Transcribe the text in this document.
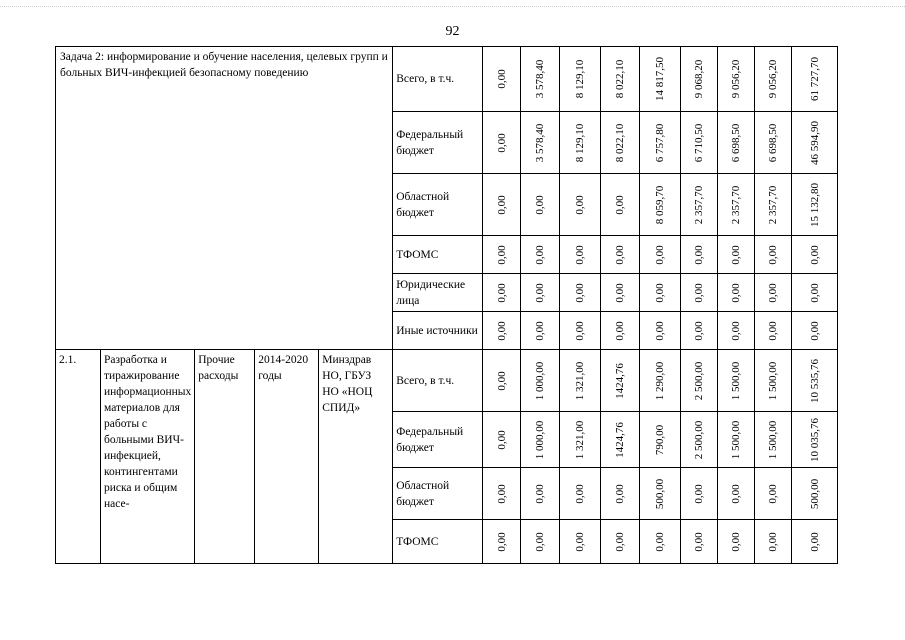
92
Задача 2: информирование и обучение населения, целевых групп и больных ВИЧ-инфекцией безопасному поведению					Всего, в т.ч.	0,00	3 578,40	8 129,10	8 022,10	14 817,50	9 068,20	9 056,20	9 056,20	61 727,70

					Федеральный бюджет	0,00	3 578,40	8 129,10	8 022,10	6 757,80	6 710,50	6 698,50	6 698,50	46 594,90

					Областной бюджет	0,00	0,00	0,00	0,00	8 059,70	2 357,70	2 357,70	2 357,70	15 132,80

					ТФОМС	0,00	0,00	0,00	0,00	0,00	0,00	0,00	0,00	0,00

					Юридические лица	0,00	0,00	0,00	0,00	0,00	0,00	0,00	0,00	0,00

					Иные источники	0,00	0,00	0,00	0,00	0,00	0,00	0,00	0,00	0,00

2.1.	Разработка и тиражирование информационных материалов для работы с больными ВИЧ-инфекцией, контингентами риска и общим насе-	Прочие расходы	2014-2020 годы	Минздрав НО, ГБУЗ НО «НОЦ СПИД»	Всего, в т.ч.	0,00	1 000,00	1 321,00	1424,76	1 290,00	2 500,00	1 500,00	1 500,00	10 535,76

					Федеральный бюджет	0,00	1 000,00	1 321,00	1424,76	790,00	2 500,00	1 500,00	1 500,00	10 035,76

					Областной бюджет	0,00	0,00	0,00	0,00	500,00	0,00	0,00	0,00	500,00

					ТФОМС	0,00	0,00	0,00	0,00	0,00	0,00	0,00	0,00	0,00
